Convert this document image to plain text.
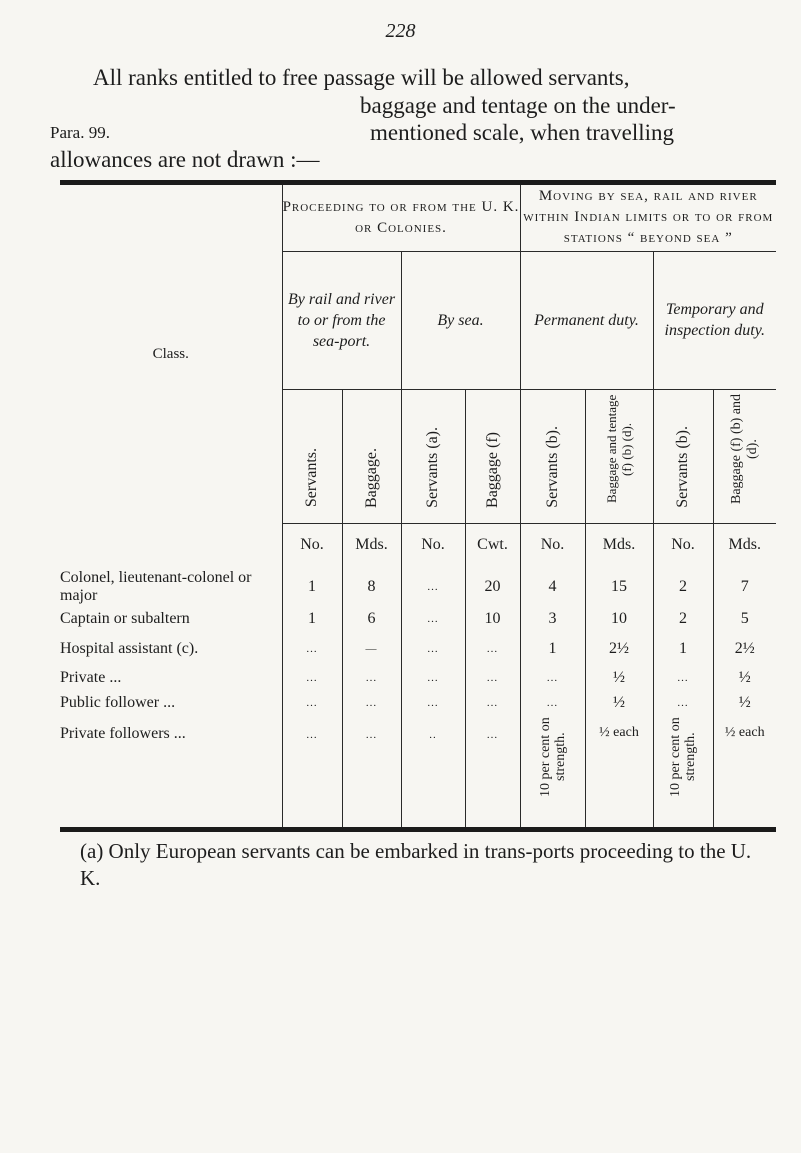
228
All ranks entitled to free passage will be allowed servants,
baggage and tentage on the under-
Para. 99.	mentioned scale, when travelling
allowances are not drawn :—

Class.	Proceeding to or from the U. K. or Colonies.				Moving by sea, rail and river within Indian limits or to or from stations “ beyond sea ”			
	By rail and river to or from the sea-port.		By sea.		Permanent duty.		Temporary and inspection duty.	
	Servants.	Baggage.	Servants (a).	Baggage (f)	Servants (b).	Baggage and tentage (f) (b) (d).	Servants (b).	Baggage (f) (b) and (d).
	No.	Mds.	No.	Cwt.	No.	Mds.	No.	Mds.
Colonel, lieutenant-colonel or major	1	8	...	20	4	15	2	7
Captain or subaltern	1	6	...	10	3	10	2	5
Hospital assistant (c).	...	—	...	...	1	2½	1	2½
Private ...	...	...	...	...	...	½	...	½
Public follower ...	...	...	...	...	...	½	...	½
Private followers ...	...	...	..	...	10 per cent on strength.	½ each	10 per cent on strength.	½ each

(a) Only European servants can be embarked in trans-ports proceeding to the U. K.
